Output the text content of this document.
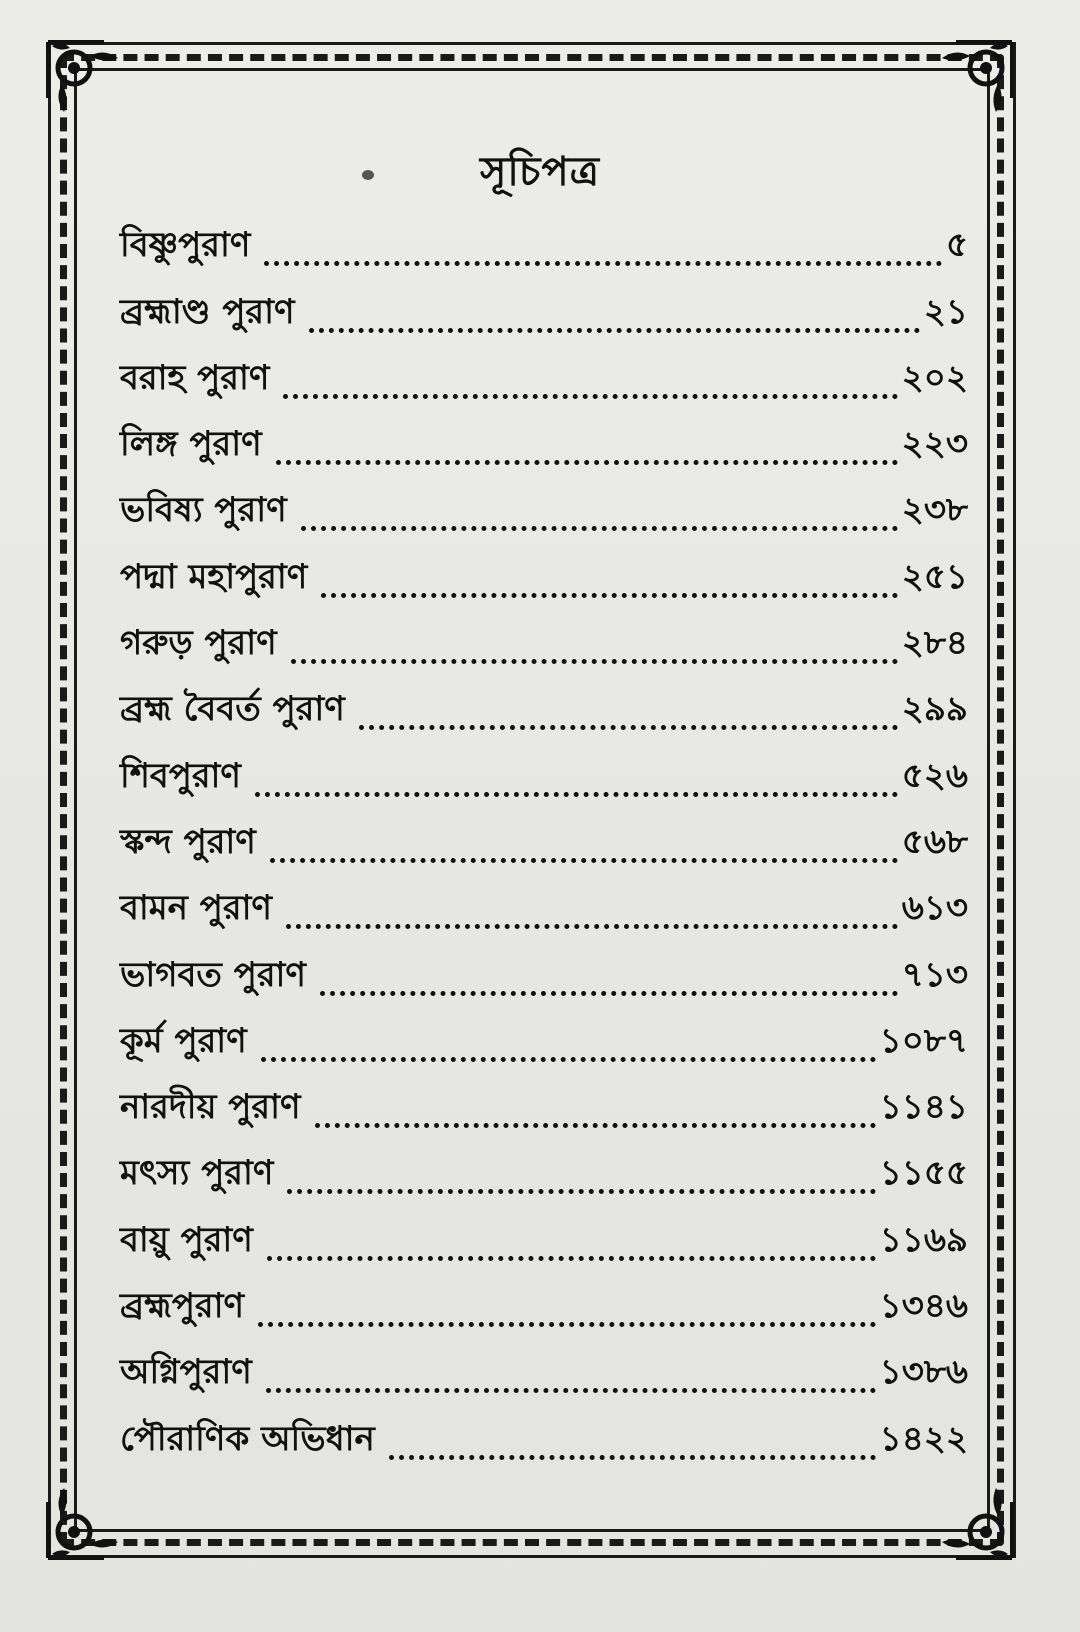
সূচিপত্র
বিষ্ণুপুরাণ	৫
ব্রহ্মাণ্ড পুরাণ	২১
বরাহ পুরাণ	২০২
লিঙ্গ পুরাণ	২২৩
ভবিষ্য পুরাণ	২৩৮
পদ্মা মহাপুরাণ	২৫১
গরুড় পুরাণ	২৮৪
ব্রহ্ম বৈবর্ত পুরাণ	২৯৯
শিবপুরাণ	৫২৬
স্কন্দ পুরাণ	৫৬৮
বামন পুরাণ	৬১৩
ভাগবত পুরাণ	৭১৩
কূর্ম পুরাণ	১০৮৭
নারদীয় পুরাণ	১১৪১
মৎস্য পুরাণ	১১৫৫
বায়ু পুরাণ	১১৬৯
ব্রহ্মপুরাণ	১৩৪৬
অগ্নিপুরাণ	১৩৮৬
পৌরাণিক অভিধান	১৪২২
